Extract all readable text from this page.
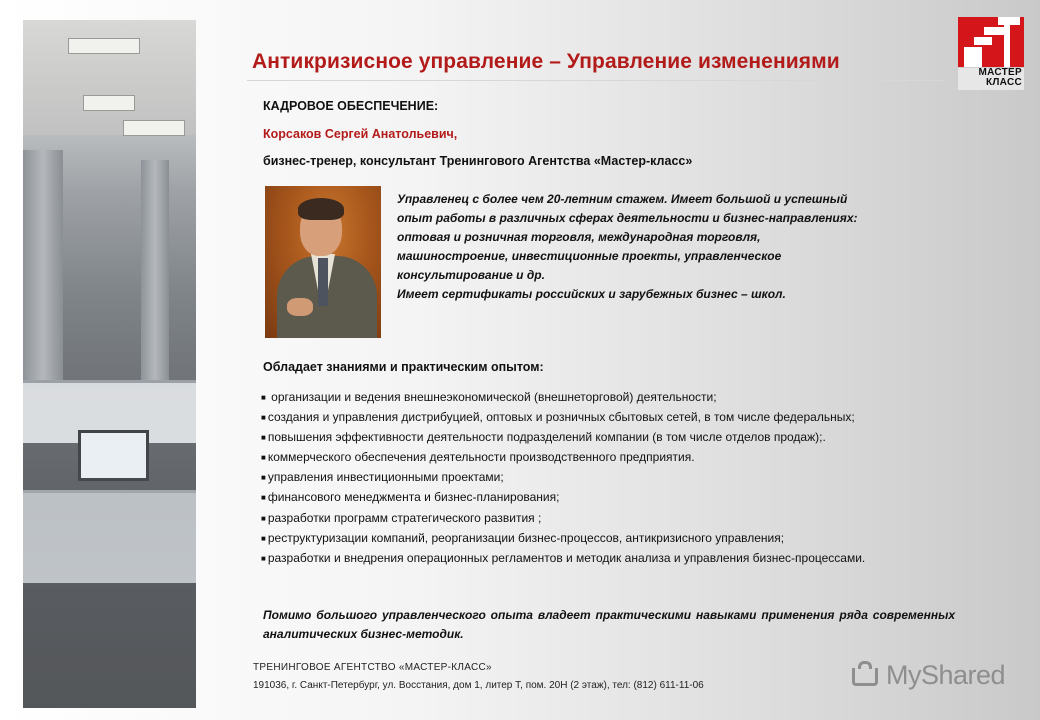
Антикризисное управление – Управление изменениями	МАСТЕР
КЛАСС
КАДРОВОЕ ОБЕСПЕЧЕНИЕ:
Корсаков Сергей Анатольевич,
бизнес-тренер, консультант Тренингового Агентства «Мастер-класс»

Управленец с более чем 20-летним стажем. Имеет большой и успешный опыт работы в различных сферах деятельности и бизнес-направлениях: оптовая и розничная торговля, международная торговля, машиностроение, инвестиционные проекты, управленческое консультирование и др.

Имеет сертификаты российских и зарубежных бизнес – школ.

Обладает знаниями и практическим опытом:
■ организации и ведения внешнеэкономической (внешнеторговой) деятельности;
■ создания и управления дистрибуцией, оптовых и розничных сбытовых сетей, в том числе федеральных;
■ повышения эффективности деятельности подразделений компании (в том числе отделов продаж);.
■ коммерческого обеспечения деятельности производственного предприятия.
■ управления инвестиционными проектами;
■ финансового менеджмента и бизнес-планирования;
■ разработки программ стратегического развития ;
■ реструктуризации компаний, реорганизации бизнес-процессов, антикризисного управления;
■ разработки и внедрения операционных регламентов и методик анализа и управления бизнес-процессами.
Помимо большого управленческого опыта владеет практическими навыками применения ряда современных аналитических бизнес-методик.
ТРЕНИНГОВОЕ АГЕНТСТВО «МАСТЕР-КЛАСС»
191036, г. Санкт-Петербург, ул. Восстания, дом 1, литер Т, пом. 20Н (2 этаж), тел: (812) 611-11-06	MyShared
